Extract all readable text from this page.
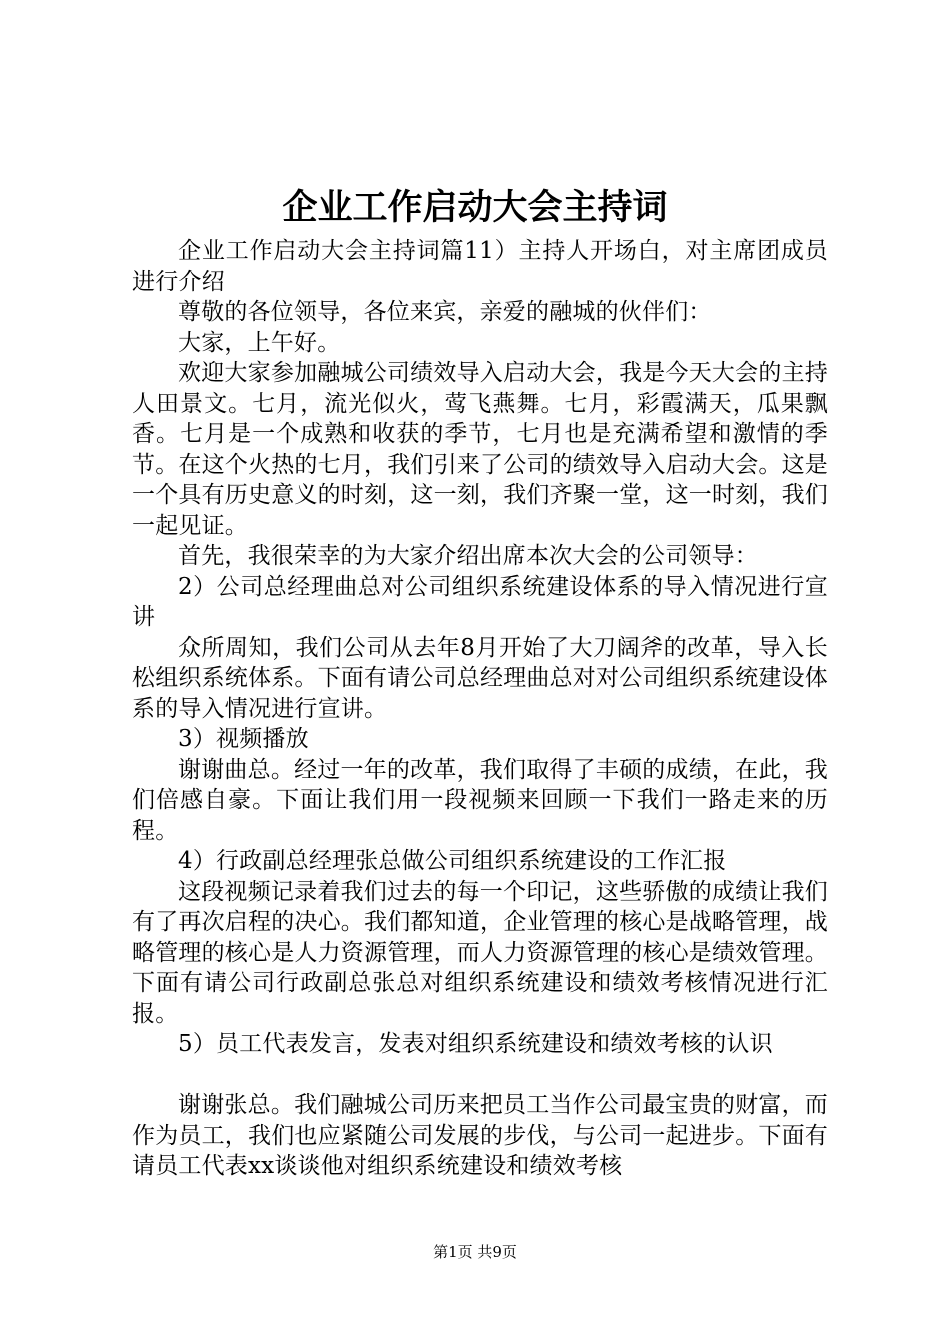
企业工作启动大会主持词

企业工作启动大会主持词篇11）主持人开场白，对主席团成员进行介绍

尊敬的各位领导，各位来宾，亲爱的融城的伙伴们：

大家，上午好。

欢迎大家参加融城公司绩效导入启动大会，我是今天大会的主持人田景文。七月，流光似火，莺飞燕舞。七月，彩霞满天，瓜果飘香。七月是一个成熟和收获的季节，七月也是充满希望和激情的季节。在这个火热的七月，我们引来了公司的绩效导入启动大会。这是一个具有历史意义的时刻，这一刻，我们齐聚一堂，这一时刻，我们一起见证。

首先，我很荣幸的为大家介绍出席本次大会的公司领导：

2）公司总经理曲总对公司组织系统建设体系的导入情况进行宣讲

众所周知，我们公司从去年8月开始了大刀阔斧的改革，导入长松组织系统体系。下面有请公司总经理曲总对对公司组织系统建设体系的导入情况进行宣讲。

3）视频播放

谢谢曲总。经过一年的改革，我们取得了丰硕的成绩，在此，我们倍感自豪。下面让我们用一段视频来回顾一下我们一路走来的历程。

4）行政副总经理张总做公司组织系统建设的工作汇报

这段视频记录着我们过去的每一个印记，这些骄傲的成绩让我们有了再次启程的决心。我们都知道，企业管理的核心是战略管理，战略管理的核心是人力资源管理，而人力资源管理的核心是绩效管理。下面有请公司行政副总张总对组织系统建设和绩效考核情况进行汇报。

5）员工代表发言，发表对组织系统建设和绩效考核的认识

谢谢张总。我们融城公司历来把员工当作公司最宝贵的财富，而作为员工，我们也应紧随公司发展的步伐，与公司一起进步。下面有请员工代表xx谈谈他对组织系统建设和绩效考核

第1页 共9页
